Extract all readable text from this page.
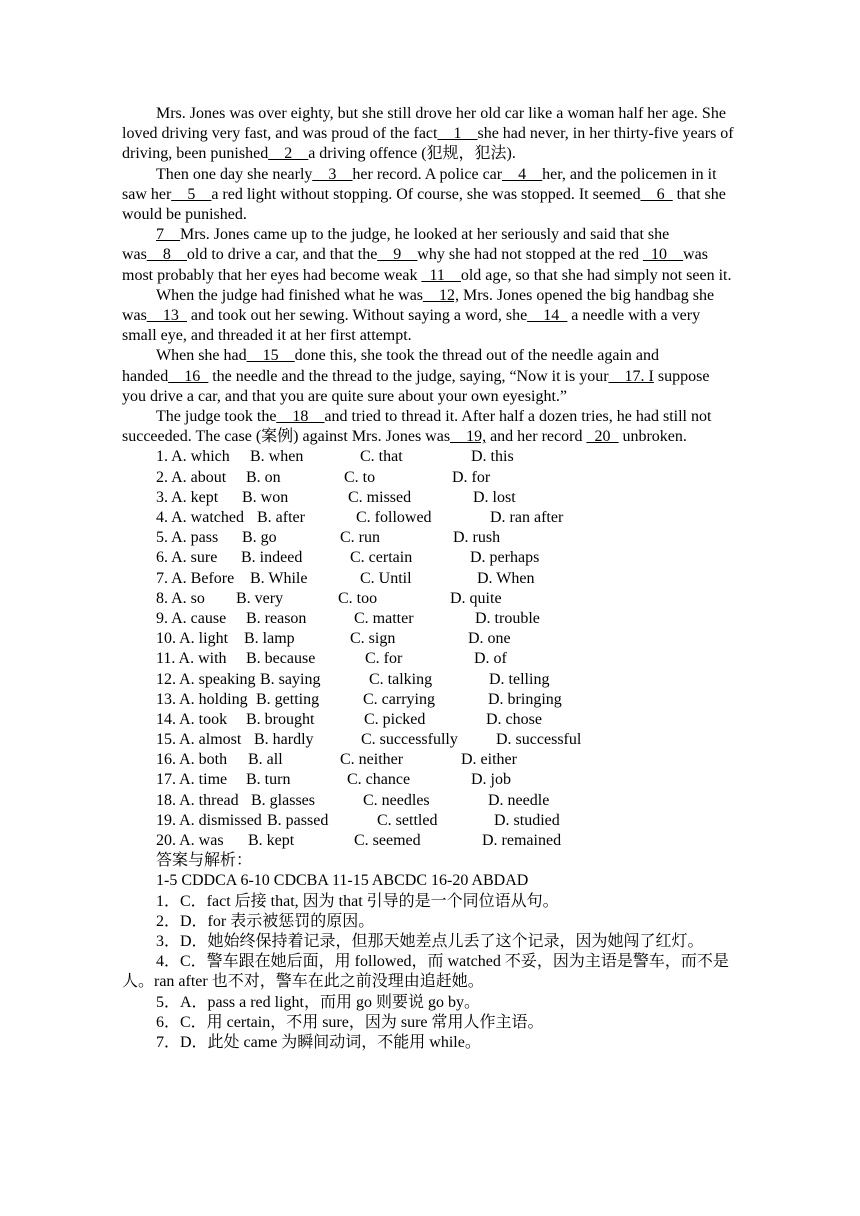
Mrs. Jones was over eighty, but she still drove her old car like a woman half her age. She loved driving very fast, and was proud of the fact__1__she had never, in her thirty-five years of driving, been punished__2__a driving offence (犯规，犯法).

Then one day she nearly__3__her record. A police car__4__her, and the policemen in it saw her__5__a red light without stopping. Of course, she was stopped. It seemed__6_ that she would be punished.

7__Mrs. Jones came up to the judge, he looked at her seriously and said that she was__8__old to drive a car, and that the__9__why she had not stopped at the red _10__was most probably that her eyes had become weak _11__old age, so that she had simply not seen it.

When the judge had finished what he was__12, Mrs. Jones opened the big handbag she was__13_ and took out her sewing. Without saying a word, she__14_ a needle with a very small eye, and threaded it at her first attempt.

When she had__15__done this, she took the thread out of the needle again and handed__16_ the needle and the thread to the judge, saying, “Now it is your__17. I suppose you drive a car, and that you are quite sure about your own eyesight.”

The judge took the__18__and tried to thread it. After half a dozen tries, he had still not succeeded. The case (案例) against Mrs. Jones was__19, and her record _20_ unbroken.

1. A. which B. when	C. that	D. this
2. A. about B. on	C. to	D. for
3. A. kept B. won	C. missed	D. lost
4. A. watched B. after	C. followed	D. ran after
5. A. pass B. go	C. run	D. rush
6. A. sure B. indeed	C. certain	D. perhaps
7. A. Before B. While	C. Until	D. When
8. A. so B. very	C. too	D. quite
9. A. cause B. reason	C. matter	D. trouble
10. A. light B. lamp	C. sign	D. one
11. A. with B. because	C. for	D. of
12. A. speaking B. saying	C. talking	D. telling
13. A. holding B. getting	C. carrying	D. bringing
14. A. took B. brought	C. picked	D. chose
15. A. almost B. hardly	C. successfully D. successful
16. A. both B. all	C. neither	D. either
17. A. time B. turn	C. chance	D. job
18. A. thread B. glasses	C. needles	D. needle
19. A. dismissed B. passed	C. settled	D. studied
20. A. was B. kept	C. seemed	D. remained

答案与解析：

1-5 CDDCA 6-10 CDCBA 11-15 ABCDC 16-20 ABDAD

1．C．fact 后接 that, 因为 that 引导的是一个同位语从句。

2．D．for 表示被惩罚的原因。

3．D．她始终保持着记录，但那天她差点儿丢了这个记录，因为她闯了红灯。

4．C．警车跟在她后面，用 followed，而 watched 不妥，因为主语是警车，而不是人。ran after 也不对，警车在此之前没理由追赶她。

5．A．pass a red light，而用 go 则要说 go by。

6．C．用 certain，不用 sure，因为 sure 常用人作主语。

7．D．此处 came 为瞬间动词，不能用 while。
